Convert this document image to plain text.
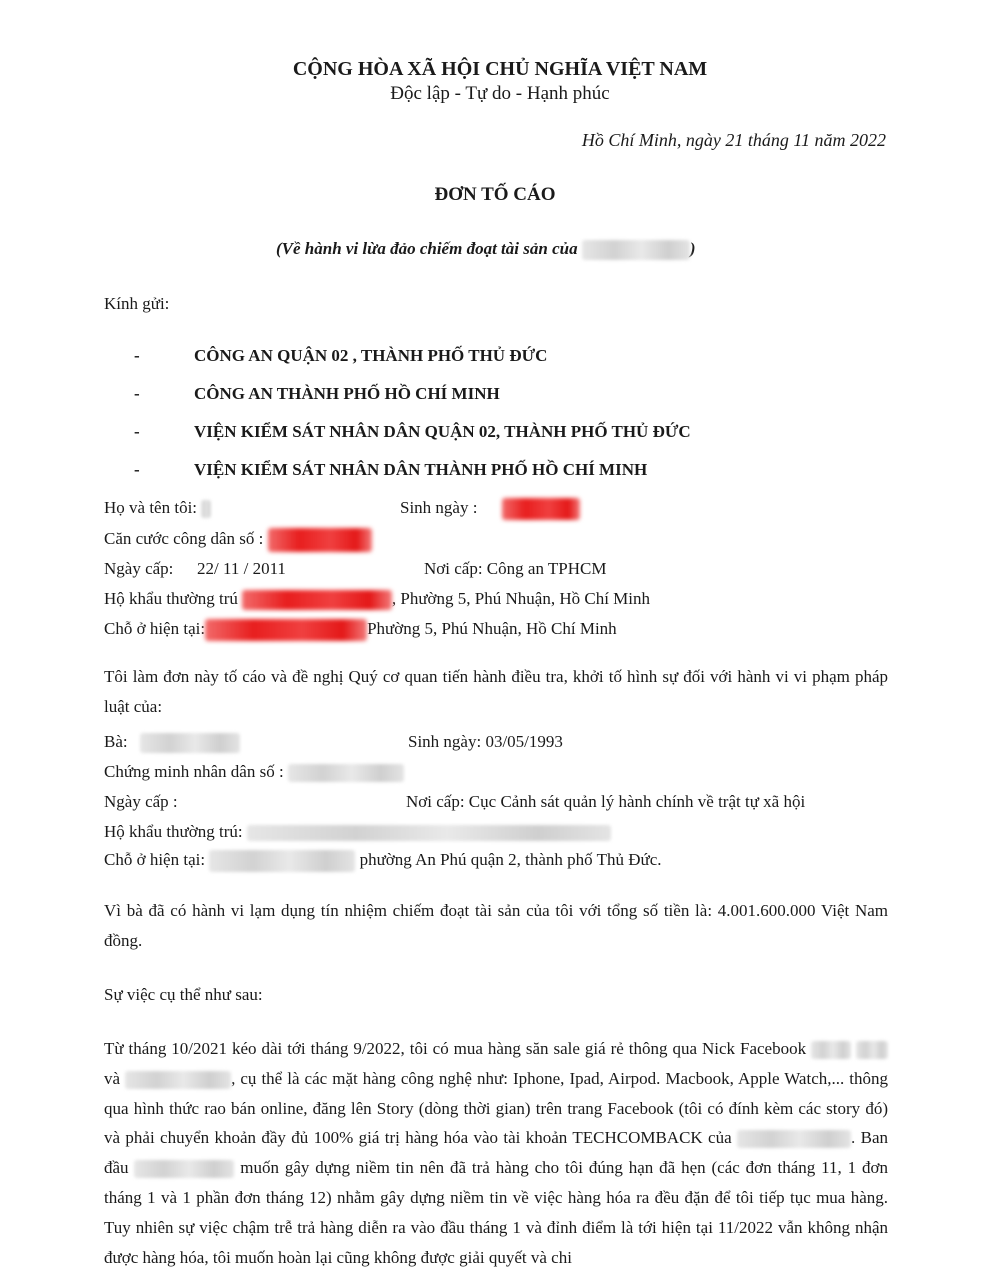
CỘNG HÒA XÃ HỘI CHỦ NGHĨA VIỆT NAM
Độc lập - Tự do - Hạnh phúc
Hồ Chí Minh, ngày 21 tháng 11 năm 2022
ĐƠN TỐ CÁO
(Về hành vi lừa đảo chiếm đoạt tài sản của	)
Kính gửi:
-	CÔNG AN QUẬN 02 , THÀNH PHỐ THỦ ĐỨC
-	CÔNG AN THÀNH PHỐ HỒ CHÍ MINH
-	VIỆN KIỂM SÁT NHÂN DÂN QUẬN 02, THÀNH PHỐ THỦ ĐỨC
-	VIỆN KIỂM SÁT NHÂN DÂN THÀNH PHỐ HỒ CHÍ MINH
Họ và tên tôi:	Sinh ngày :
Căn cước công dân số :
Ngày cấp: 22/ 11 / 2011	Nơi cấp: Công an TPHCM
Hộ khẩu thường trú	, Phường 5, Phú Nhuận, Hồ Chí Minh
Chỗ ở hiện tại:	Phường 5, Phú Nhuận, Hồ Chí Minh
Tôi làm đơn này tố cáo và đề nghị Quý cơ quan tiến hành điều tra, khởi tố hình sự đối với hành vi vi phạm pháp luật của:
Bà:	Sinh ngày: 03/05/1993
Chứng minh nhân dân số :
Ngày cấp :	Nơi cấp: Cục Cảnh sát quản lý hành chính về trật tự xã hội
Hộ khẩu thường trú:
Chỗ ở hiện tại:	phường An Phú quận 2, thành phố Thủ Đức.
Vì bà đã có hành vi lạm dụng tín nhiệm chiếm đoạt tài sản của tôi với tổng số tiền là: 4.001.600.000 Việt Nam đồng.
Sự việc cụ thể như sau:
Từ tháng 10/2021 kéo dài tới tháng 9/2022, tôi có mua hàng săn sale giá rẻ thông qua Nick Facebook   và	, cụ thể là các mặt hàng công nghệ như: Iphone, Ipad, Airpod. Macbook, Apple Watch,... thông qua hình thức rao bán online, đăng lên Story (dòng thời gian) trên trang Facebook (tôi có đính kèm các story đó) và phải chuyển khoản đầy đủ 100% giá trị hàng hóa vào tài khoản TECHCOMBACK của	. Ban đầu	muốn gây dựng niềm tin nên đã trả hàng cho tôi đúng hạn đã hẹn (các đơn tháng 11, 1 đơn tháng 1 và 1 phần đơn tháng 12) nhằm gây dựng niềm tin về việc hàng hóa ra đều đặn để tôi tiếp tục mua hàng. Tuy nhiên sự việc chậm trễ trả hàng diễn ra vào đầu tháng 1 và đỉnh điểm là tới hiện tại 11/2022 vẫn không nhận được hàng hóa, tôi muốn hoàn lại cũng không được giải quyết và chi
